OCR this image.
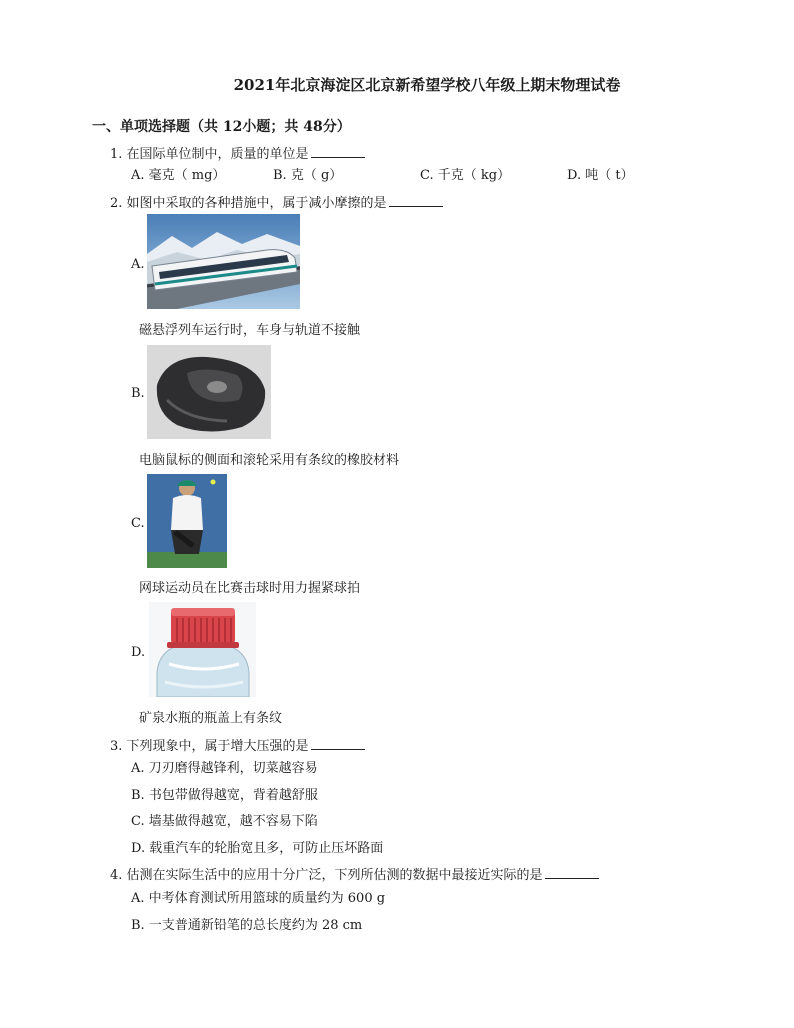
2021年北京海淀区北京新希望学校八年级上期末物理试卷
一、单项选择题（共 12小题；共 48分）
1. 在国际单位制中，质量的单位是
A. 毫克（ mg）	B. 克（ g）	C. 千克（ kg）	D. 吨（ t）
2. 如图中采取的各种措施中，属于减小摩擦的是
A.
磁悬浮列车运行时，车身与轨道不接触
B.
电脑鼠标的侧面和滚轮采用有条纹的橡胶材料
C.
网球运动员在比赛击球时用力握紧球拍
D.
矿泉水瓶的瓶盖上有条纹
3. 下列现象中，属于增大压强的是
A. 刀刃磨得越锋利，切菜越容易
B. 书包带做得越宽，背着越舒服
C. 墙基做得越宽，越不容易下陷
D. 载重汽车的轮胎宽且多，可防止压坏路面
4. 估测在实际生活中的应用十分广泛，下列所估测的数据中最接近实际的是
A. 中考体育测试所用篮球的质量约为 600 g
B. 一支普通新铅笔的总长度约为 28 cm
